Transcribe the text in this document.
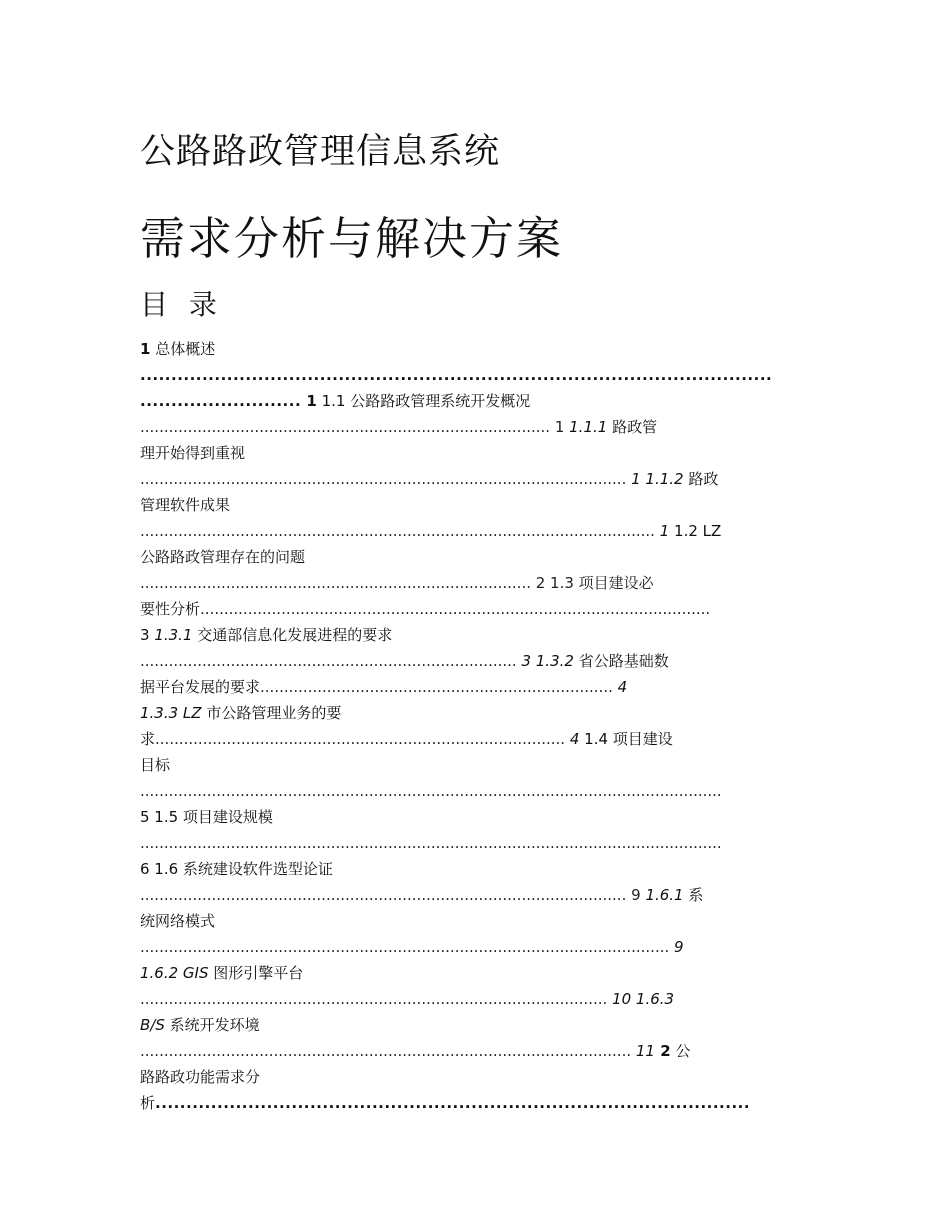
公路路政管理信息系统
需求分析与解决方案
目 录
1 总体概述
......................................................................................................
.......................... 1 1.1 公路路政管理系统开发概况
...................................................................................... 1 1.1.1 路政管
理开始得到重视
...................................................................................................... 1 1.1.2 路政
管理软件成果
............................................................................................................ 1 1.2 LZ
公路路政管理存在的问题
.................................................................................. 2 1.3 项目建设必
要性分析...........................................................................................................
3 1.3.1 交通部信息化发展进程的要求
............................................................................... 3 1.3.2 省公路基础数
据平台发展的要求.......................................................................... 4
1.3.3 LZ 市公路管理业务的要
求...................................................................................... 4 1.4 项目建设
目标
..........................................................................................................................
5 1.5 项目建设规模
..........................................................................................................................
6 1.6 系统建设软件选型论证
...................................................................................................... 9 1.6.1 系
统网络模式
............................................................................................................... 9
1.6.2 GIS 图形引擎平台
.................................................................................................. 10 1.6.3
B/S 系统开发环境
....................................................................................................... 11 2 公
路路政功能需求分
析................................................................................................
